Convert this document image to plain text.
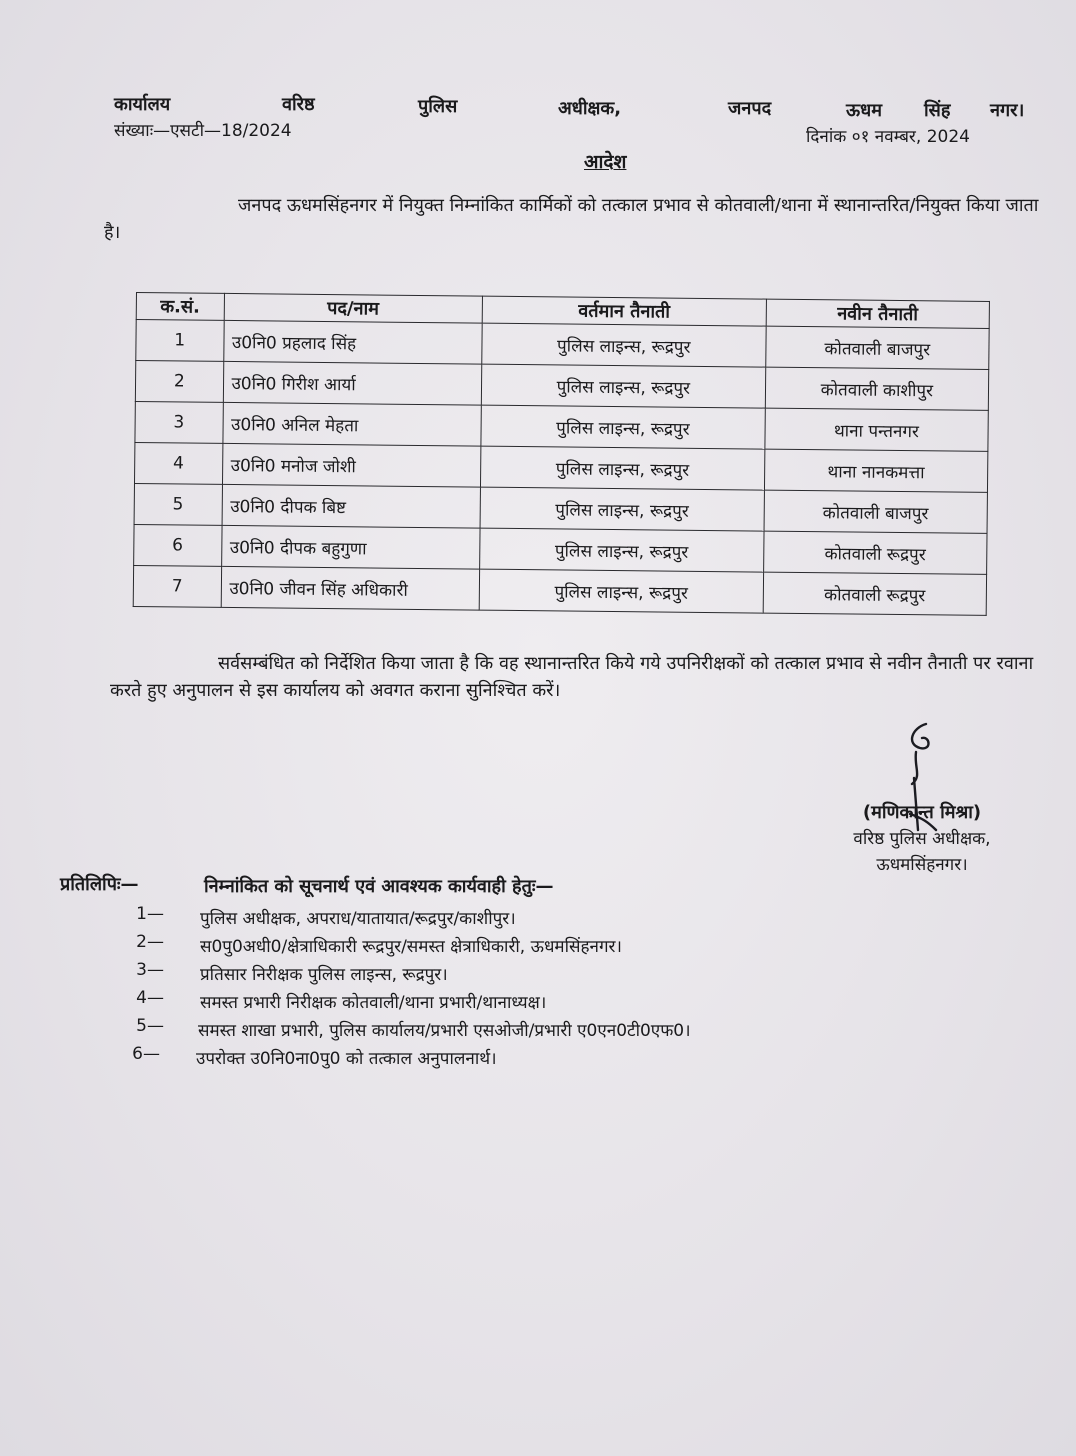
कार्यालय	वरिष्ठ	पुलिस	अधीक्षक,	जनपद	ऊधम सिंह नगर।
संख्याः—एसटी—18/2024	दिनांक ०१ नवम्बर, 2024
आदेश
जनपद ऊधमसिंहनगर में नियुक्त निम्नांकित कार्मिकों को तत्काल प्रभाव से कोतवाली/थाना में स्थानान्तरित/नियुक्त किया जाता है।
क.सं.	पद/नाम	वर्तमान तैनाती	नवीन तैनाती
1	उ0नि0 प्रहलाद सिंह	पुलिस लाइन्स, रूद्रपुर	कोतवाली बाजपुर
2	उ0नि0 गिरीश आर्या	पुलिस लाइन्स, रूद्रपुर	कोतवाली काशीपुर
3	उ0नि0 अनिल मेहता	पुलिस लाइन्स, रूद्रपुर	थाना पन्तनगर
4	उ0नि0 मनोज जोशी	पुलिस लाइन्स, रूद्रपुर	थाना नानकमत्ता
5	उ0नि0 दीपक बिष्ट	पुलिस लाइन्स, रूद्रपुर	कोतवाली बाजपुर
6	उ0नि0 दीपक बहुगुणा	पुलिस लाइन्स, रूद्रपुर	कोतवाली रूद्रपुर
7	उ0नि0 जीवन सिंह अधिकारी	पुलिस लाइन्स, रूद्रपुर	कोतवाली रूद्रपुर
सर्वसम्बंधित को निर्देशित किया जाता है कि वह स्थानान्तरित किये गये उपनिरीक्षकों को तत्काल प्रभाव से नवीन तैनाती पर रवाना करते हुए अनुपालन से इस कार्यालय को अवगत कराना सुनिश्चित करें।
(मणिकान्त मिश्रा)
वरिष्ठ पुलिस अधीक्षक,
ऊधमसिंहनगर।
प्रतिलिपिः—	निम्नांकित को सूचनार्थ एवं आवश्यक कार्यवाही हेतुः—
1— पुलिस अधीक्षक, अपराध/यातायात/रूद्रपुर/काशीपुर।
2— स0पु0अधी0/क्षेत्राधिकारी रूद्रपुर/समस्त क्षेत्राधिकारी, ऊधमसिंहनगर।
3— प्रतिसार निरीक्षक पुलिस लाइन्स, रूद्रपुर।
4— समस्त प्रभारी निरीक्षक कोतवाली/थाना प्रभारी/थानाध्यक्ष।
5— समस्त शाखा प्रभारी, पुलिस कार्यालय/प्रभारी एसओजी/प्रभारी ए0एन0टी0एफ0।
6— उपरोक्त उ0नि0ना0पु0 को तत्काल अनुपालनार्थ।
